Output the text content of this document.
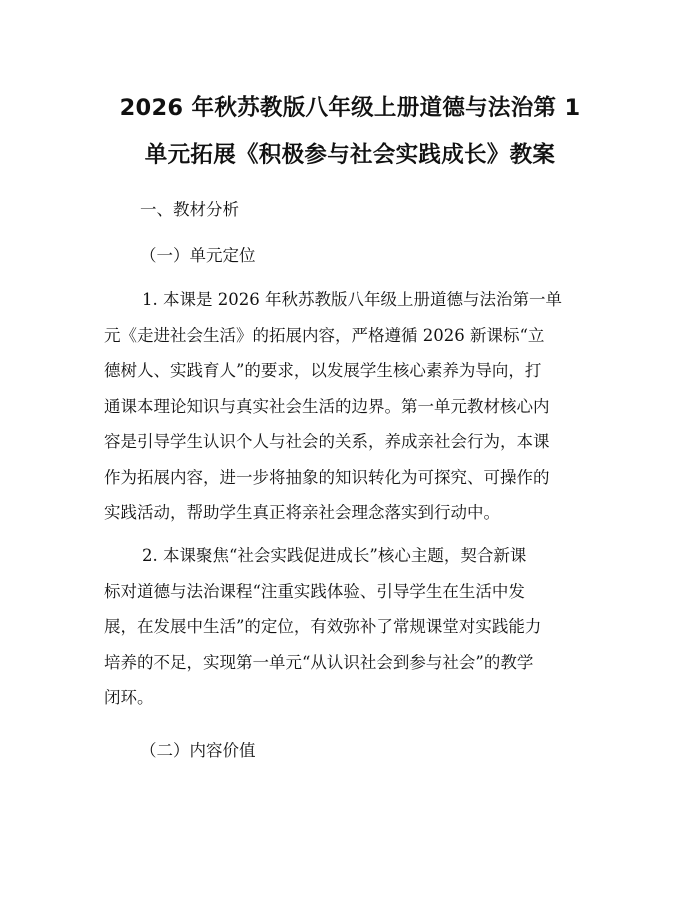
2026 年秋苏教版八年级上册道德与法治第 1
单元拓展《积极参与社会实践成长》教案
一、教材分析
（一）单元定位
1. 本课是 2026 年秋苏教版八年级上册道德与法治第一单
元《走进社会生活》的拓展内容，严格遵循 2026 新课标“立
德树人、实践育人”的要求，以发展学生核心素养为导向，打
通课本理论知识与真实社会生活的边界。第一单元教材核心内
容是引导学生认识个人与社会的关系，养成亲社会行为，本课
作为拓展内容，进一步将抽象的知识转化为可探究、可操作的
实践活动，帮助学生真正将亲社会理念落实到行动中。
2. 本课聚焦“社会实践促进成长”核心主题，契合新课
标对道德与法治课程“注重实践体验、引导学生在生活中发
展，在发展中生活”的定位，有效弥补了常规课堂对实践能力
培养的不足，实现第一单元“从认识社会到参与社会”的教学
闭环。
（二）内容价值
